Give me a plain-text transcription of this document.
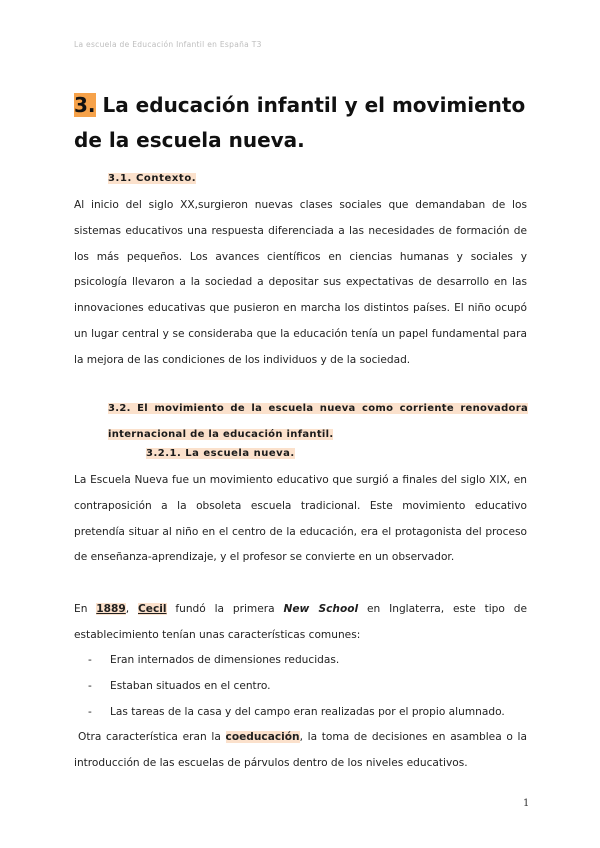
La escuela de Educación Infantil en España T3
3. La educación infantil y el movimiento de la escuela nueva.
3.1. Contexto.
Al inicio del siglo XX,surgieron nuevas clases sociales que demandaban de los sistemas educativos una respuesta diferenciada a las necesidades de formación de los más pequeños. Los avances científicos en ciencias humanas y sociales y psicología llevaron a la sociedad a depositar sus expectativas de desarrollo en las innovaciones educativas que pusieron en marcha los distintos países. El niño ocupó un lugar central y se consideraba que la educación tenía un papel fundamental para la mejora de las condiciones de los individuos y de la sociedad.
3.2. El movimiento de la escuela nueva como corriente renovadora internacional de la educación infantil.
3.2.1. La escuela nueva.
La Escuela Nueva fue un movimiento educativo que surgió a finales del siglo XIX, en contraposición a la obsoleta escuela tradicional. Este movimiento educativo pretendía situar al niño en el centro de la educación, era el protagonista del proceso de enseñanza-aprendizaje, y el profesor se convierte en un observador.
En 1889, Cecil fundó la primera New School en Inglaterra, este tipo de establecimiento tenían unas características comunes:
- Eran internados de dimensiones reducidas.
- Estaban situados en el centro.
- Las tareas de la casa y del campo eran realizadas por el propio alumnado.
Otra característica eran la coeducación, la toma de decisiones en asamblea o la introducción de las escuelas de párvulos dentro de los niveles educativos.
1
